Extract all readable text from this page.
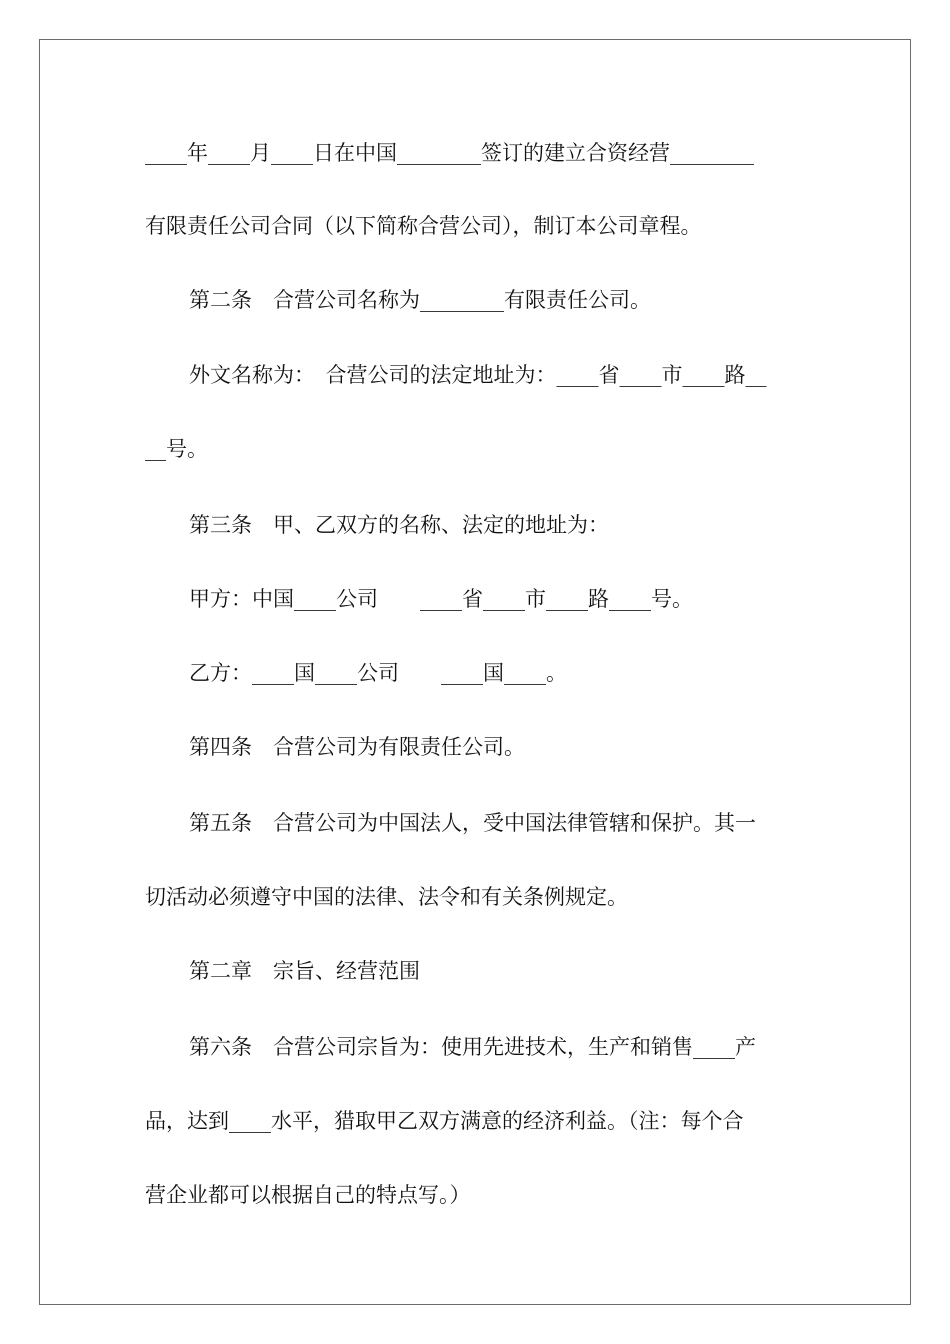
____年____月____日在中国________签订的建立合资经营________
有限责任公司合同（以下简称合营公司），制订本公司章程。
第二条　合营公司名称为________有限责任公司。
外文名称为：　合营公司的法定地址为：____省____市____路__
__号。
第三条　甲、乙双方的名称、法定的地址为：
甲方：中国____公司　　____省____市____路____号。
乙方：____国____公司　　____国____。
第四条　合营公司为有限责任公司。
第五条　合营公司为中国法人，受中国法律管辖和保护。其一
切活动必须遵守中国的法律、法令和有关条例规定。
第二章　宗旨、经营范围
第六条　合营公司宗旨为：使用先进技术，生产和销售____产
品，达到____水平，猎取甲乙双方满意的经济利益。（注：每个合
营企业都可以根据自己的特点写。）
